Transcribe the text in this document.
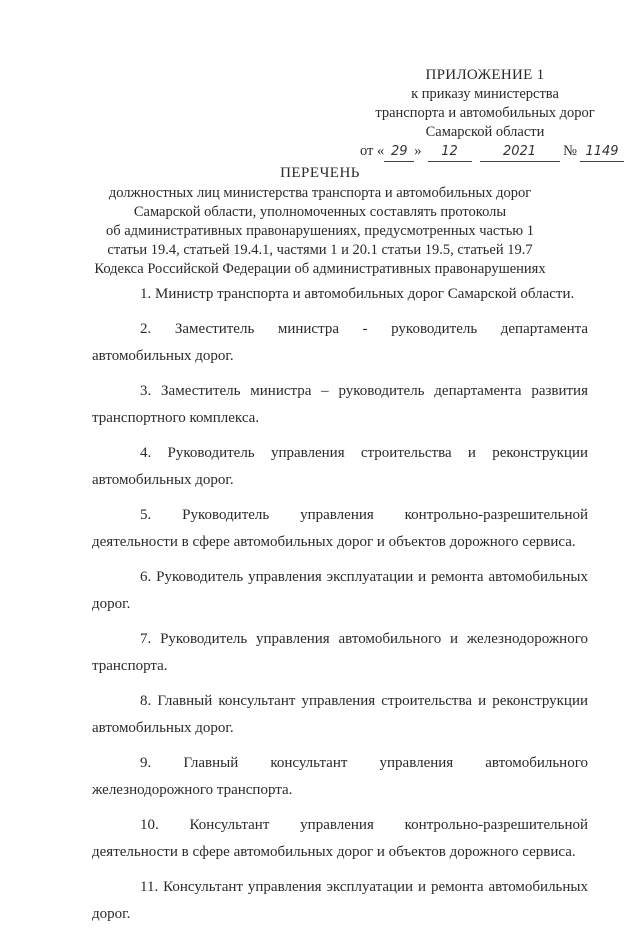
ПРИЛОЖЕНИЕ 1
к приказу министерства
транспорта и автомобильных дорог
Самарской области
от « 29 » 12	2021 № 1149
ПЕРЕЧЕНЬ
должностных лиц министерства транспорта и автомобильных дорог
Самарской области, уполномоченных составлять протоколы
об административных правонарушениях, предусмотренных частью 1
статьи 19.4, статьей 19.4.1, частями 1 и 20.1 статьи 19.5, статьей 19.7
Кодекса Российской Федерации об административных правонарушениях

1. Министр транспорта и автомобильных дорог Самарской области.

2. Заместитель министра - руководитель департамента автомобильных дорог.

3. Заместитель министра – руководитель департамента развития транспортного комплекса.

4. Руководитель управления строительства и реконструкции автомобильных дорог.

5. Руководитель управления контрольно-разрешительной деятельности в сфере автомобильных дорог и объектов дорожного сервиса.

6. Руководитель управления эксплуатации и ремонта автомобильных дорог.

7. Руководитель управления автомобильного и железнодорожного транспорта.

8. Главный консультант управления строительства и реконструкции автомобильных дорог.

9. Главный консультант управления автомобильного железнодорожного транспорта.

10. Консультант управления контрольно-разрешительной деятельности в сфере автомобильных дорог и объектов дорожного сервиса.

11. Консультант управления эксплуатации и ремонта автомобильных дорог.
